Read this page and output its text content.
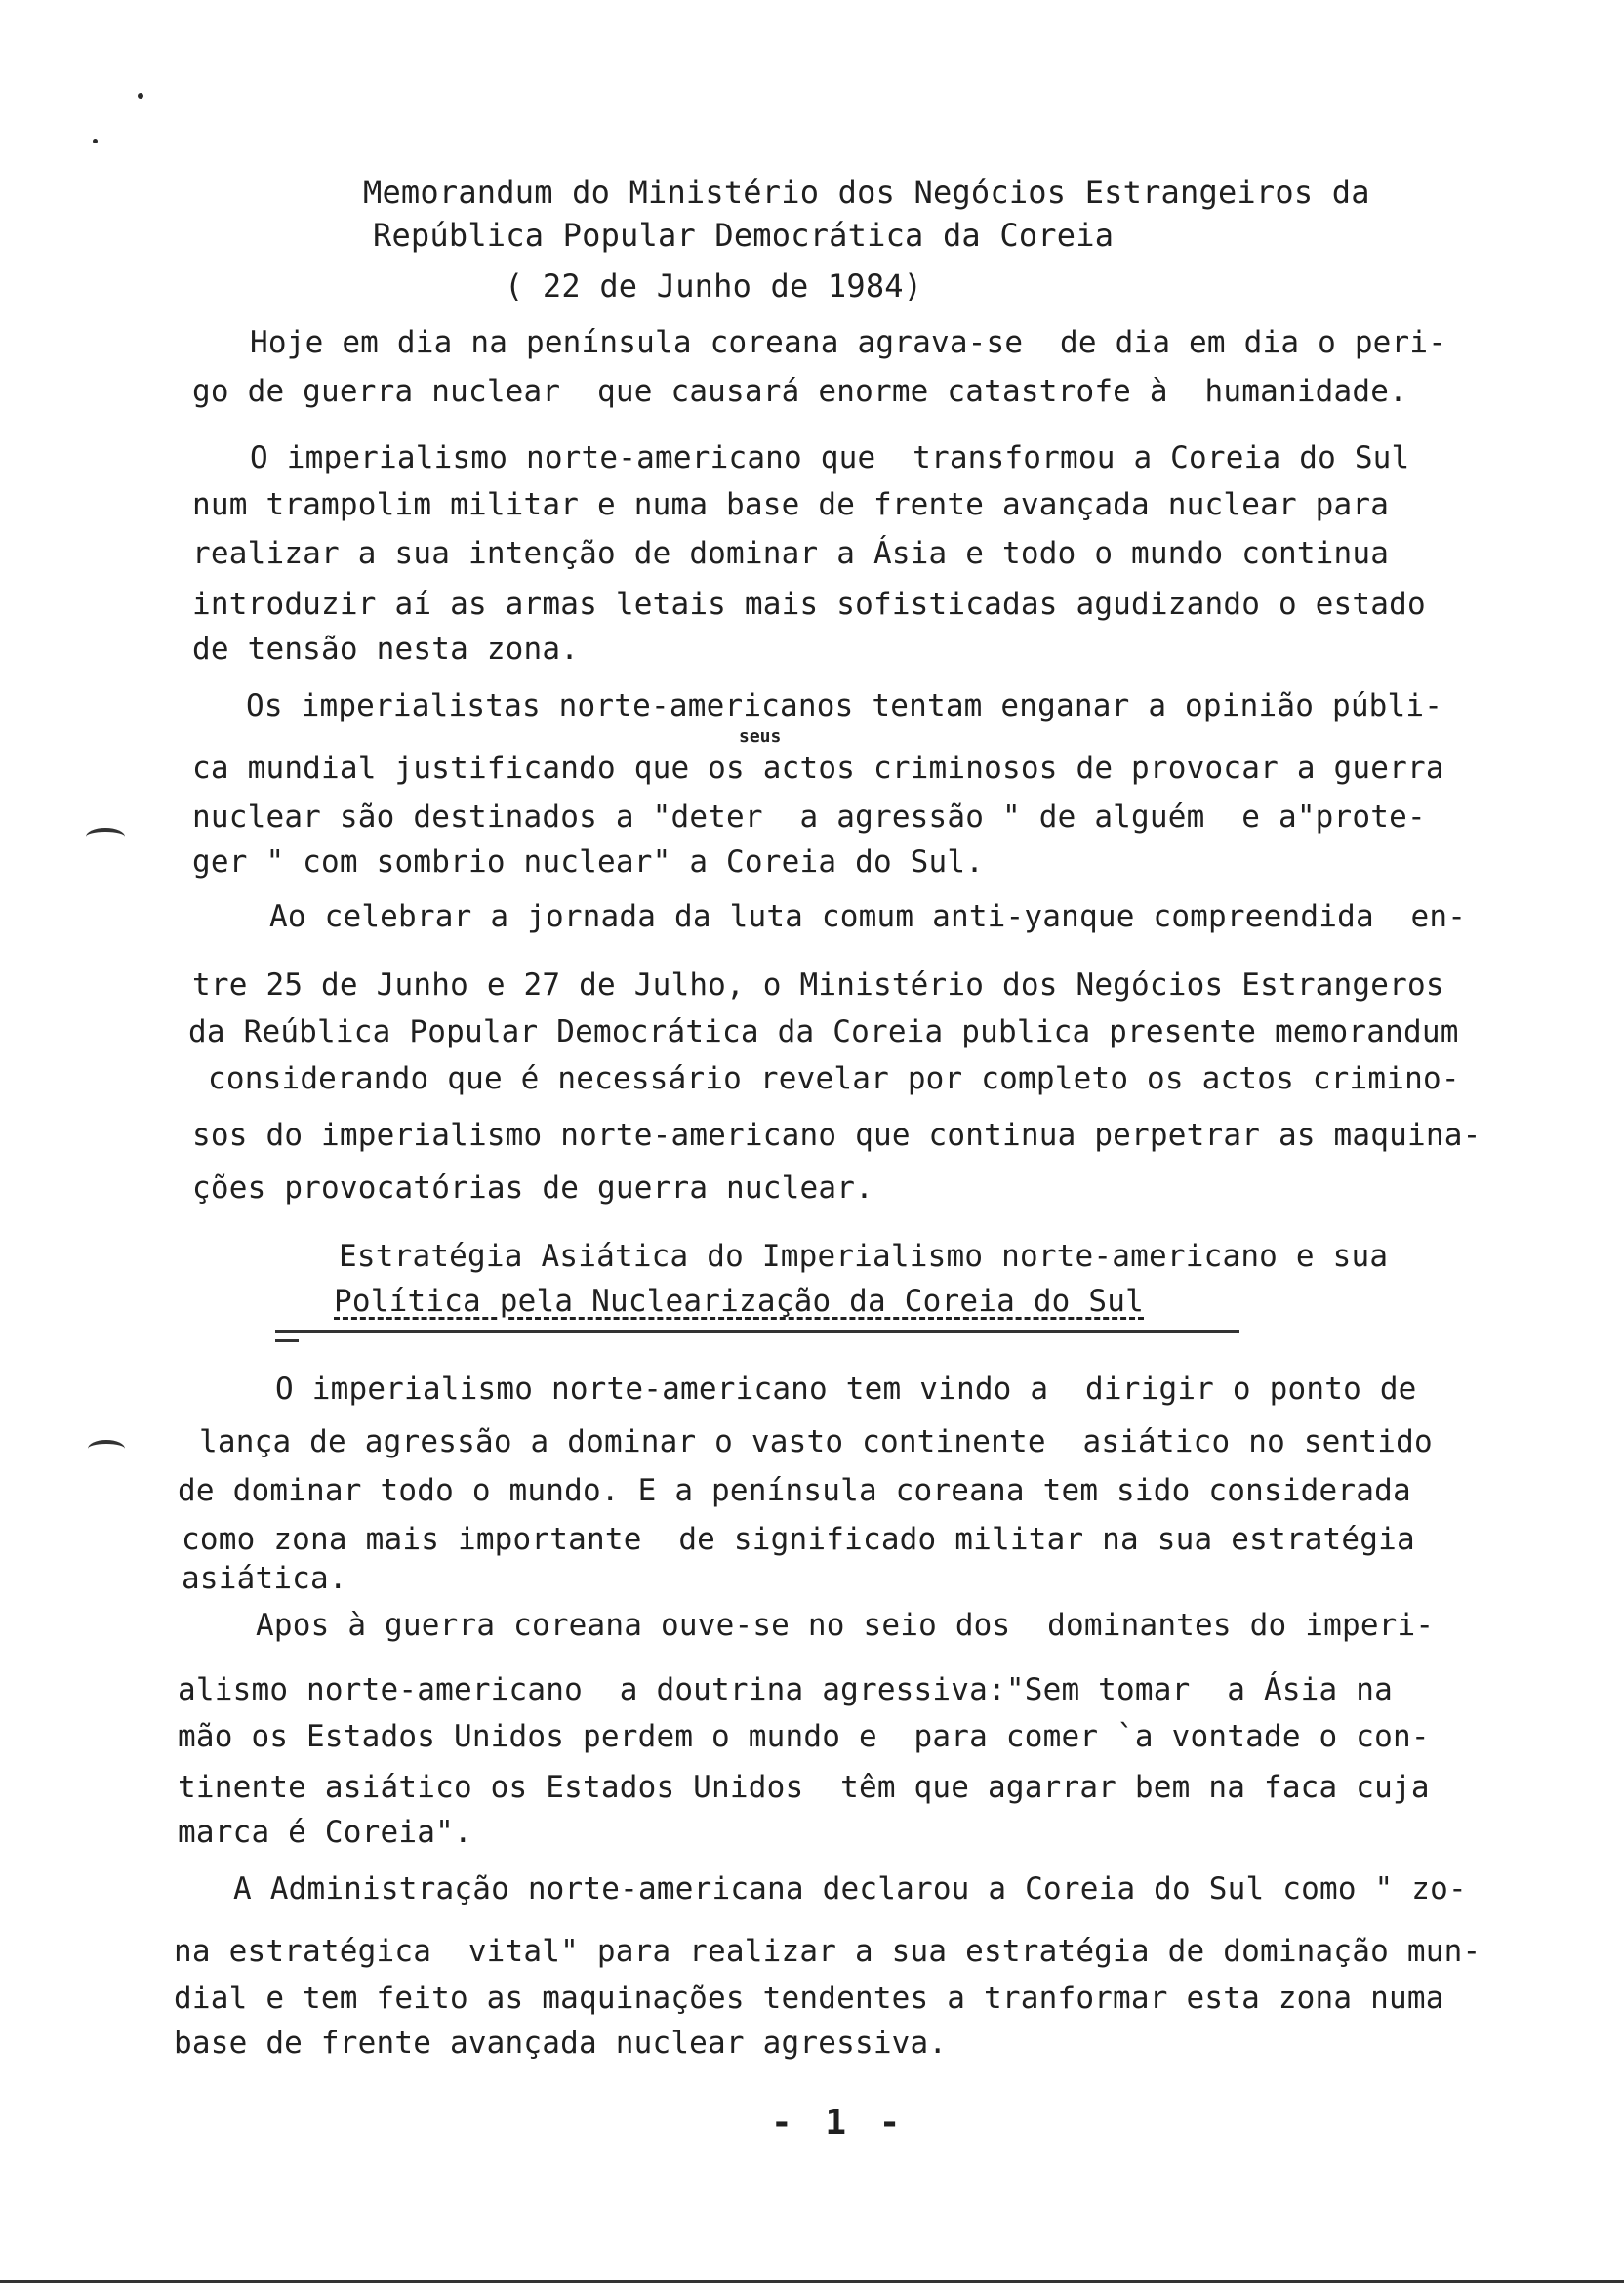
Memorandum do Ministério dos Negócios Estrangeiros da
República Popular Democrática da Coreia
( 22 de Junho de 1984)
Hoje em dia na península coreana agrava-se  de dia em dia o peri-
go de guerra nuclear  que causará enorme catastrofe à  humanidade.
O imperialismo norte-americano que  transformou a Coreia do Sul
num trampolim militar e numa base de frente avançada nuclear para
realizar a sua intenção de dominar a Ásia e todo o mundo continua
introduzir aí as armas letais mais sofisticadas agudizando o estado
de tensão nesta zona.
Os imperialistas norte-americanos tentam enganar a opinião públi-
seus
ca mundial justificando que os actos criminosos de provocar a guerra
nuclear são destinados a "deter  a agressão " de alguém  e a"prote-
ger " com sombrio nuclear" a Coreia do Sul.
Ao celebrar a jornada da luta comum anti-yanque compreendida  en-
tre 25 de Junho e 27 de Julho, o Ministério dos Negócios Estrangeros
da Reública Popular Democrática da Coreia publica presente memorandum
considerando que é necessário revelar por completo os actos crimino-
sos do imperialismo norte-americano que continua perpetrar as maquina-
ções provocatórias de guerra nuclear.
Estratégia Asiática do Imperialismo norte-americano e sua
Política pela Nuclearização da Coreia do Sul
O imperialismo norte-americano tem vindo a  dirigir o ponto de
lança de agressão a dominar o vasto continente  asiático no sentido
de dominar todo o mundo. E a península coreana tem sido considerada
como zona mais importante  de significado militar na sua estratégia
asiática.
Apos à guerra coreana ouve-se no seio dos  dominantes do imperi-
alismo norte-americano  a doutrina agressiva:"Sem tomar  a Ásia na
mão os Estados Unidos perdem o mundo e  para comer `a vontade o con-
tinente asiático os Estados Unidos  têm que agarrar bem na faca cuja
marca é Coreia".
A Administração norte-americana declarou a Coreia do Sul como " zo-
na estratégica  vital" para realizar a sua estratégia de dominação mun-
dial e tem feito as maquinações tendentes a tranformar esta zona numa
base de frente avançada nuclear agressiva.
- 1 -
